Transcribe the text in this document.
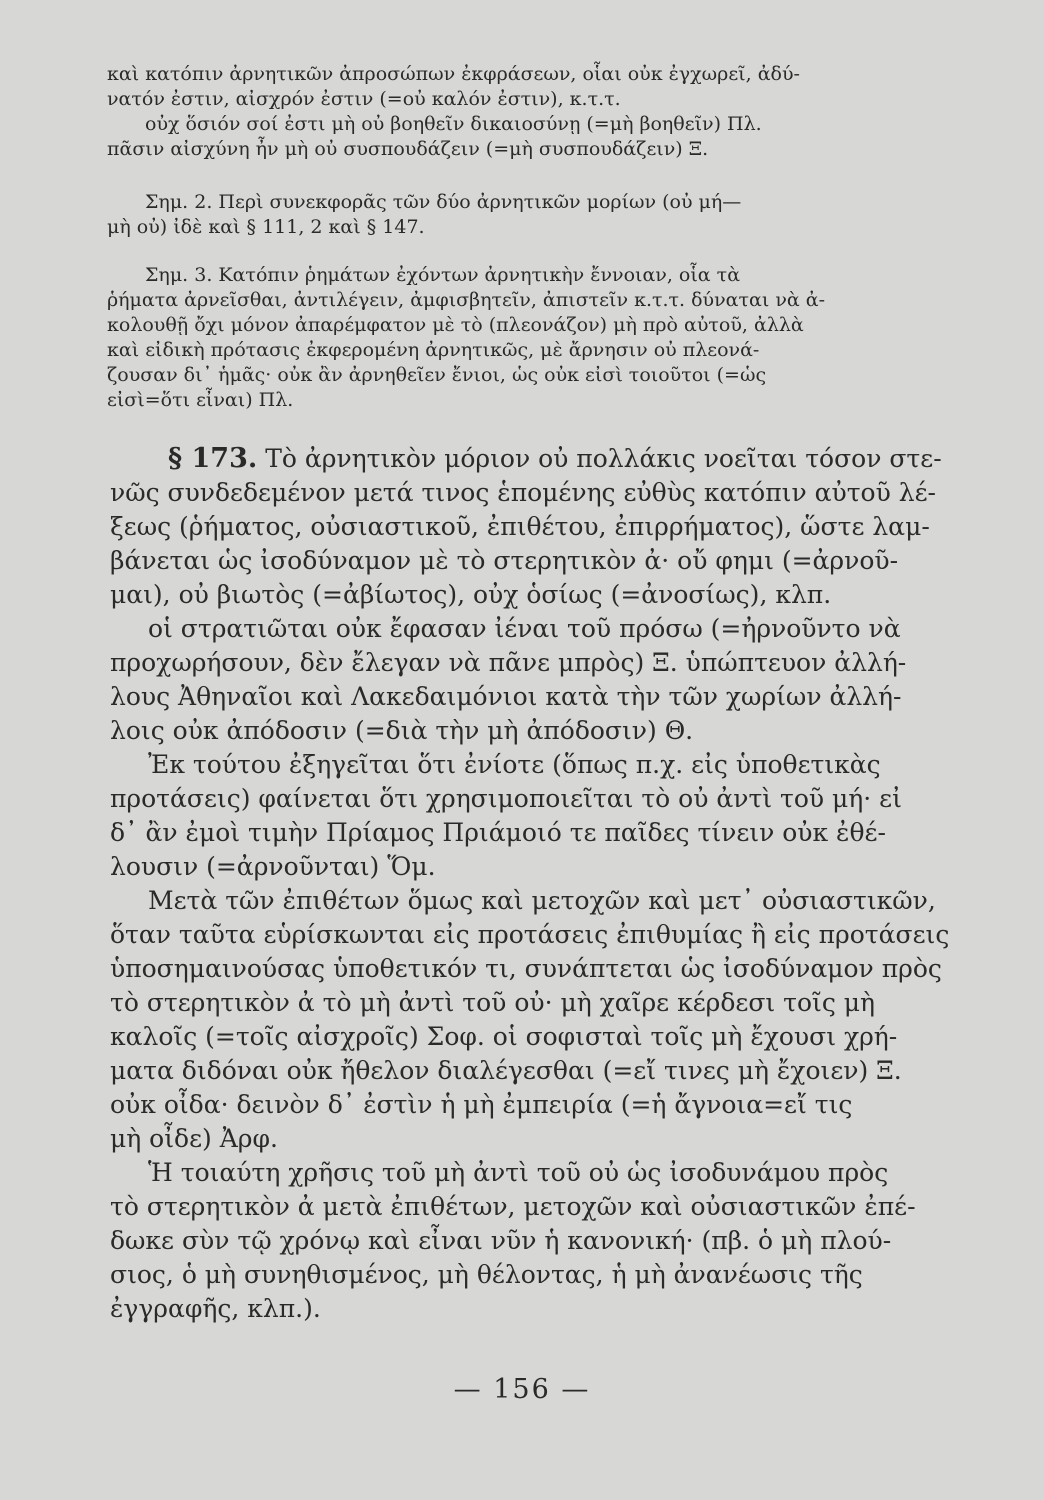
καὶ κατόπιν ἀρνητικῶν ἀπροσώπων ἐκφράσεων, οἷαι οὐκ ἐγχωρεῖ, ἀδύ-

νατόν ἐστιν, αἰσχρόν ἐστιν (=οὐ καλόν ἐστιν), κ.τ.τ.

οὐχ ὅσιόν σοί ἐστι μὴ οὐ βοηθεῖν δικαιοσύνῃ (=μὴ βοηθεῖν) Πλ.

πᾶσιν αἰσχύνη ἦν μὴ οὐ συσπουδάζειν (=μὴ συσπουδάζειν) Ξ.

Σημ. 2. Περὶ συνεκφορᾶς τῶν δύο ἀρνητικῶν μορίων (οὐ μή—

μὴ οὐ) ἰδὲ καὶ § 111, 2 καὶ § 147.

Σημ. 3. Κατόπιν ῥημάτων ἐχόντων ἀρνητικὴν ἔννοιαν, οἷα τὰ

ῥήματα ἀρνεῖσθαι, ἀντιλέγειν, ἀμφισβητεῖν, ἀπιστεῖν κ.τ.τ. δύναται νὰ ἀ-

κολουθῇ ὄχι μόνον ἀπαρέμφατον μὲ τὸ (πλεονάζον) μὴ πρὸ αὐτοῦ, ἀλλὰ

καὶ εἰδικὴ πρότασις ἐκφερομένη ἀρνητικῶς, μὲ ἄρνησιν οὐ πλεονά-

ζουσαν δι᾽ ἡμᾶς· οὐκ ἂν ἀρνηθεῖεν ἔνιοι, ὡς οὐκ εἰσὶ τοιοῦτοι (=ὡς

εἰσὶ=ὅτι εἶναι) Πλ.

§ 173. Τὸ ἀρνητικὸν μόριον οὐ πολλάκις νοεῖται τόσον στε-

νῶς συνδεδεμένον μετά τινος ἑπομένης εὐθὺς κατόπιν αὐτοῦ λέ-

ξεως (ῥήματος, οὐσιαστικοῦ, ἐπιθέτου, ἐπιρρήματος), ὥστε λαμ-

βάνεται ὡς ἰσοδύναμον μὲ τὸ στερητικὸν ἀ· οὔ φημι (=ἀρνοῦ-

μαι), οὐ βιωτὸς (=ἀβίωτος), οὐχ ὁσίως (=ἀνοσίως), κλπ.

οἱ στρατιῶται οὐκ ἔφασαν ἰέναι τοῦ πρόσω (=ἠρνοῦντο νὰ

προχωρήσουν, δὲν ἔλεγαν νὰ πᾶνε μπρὸς) Ξ. ὑπώπτευον ἀλλή-

λους Ἀθηναῖοι καὶ Λακεδαιμόνιοι κατὰ τὴν τῶν χωρίων ἀλλή-

λοις οὐκ ἀπόδοσιν (=διὰ τὴν μὴ ἀπόδοσιν) Θ.

Ἐκ τούτου ἐξηγεῖται ὅτι ἐνίοτε (ὅπως π.χ. εἰς ὑποθετικὰς

προτάσεις) φαίνεται ὅτι χρησιμοποιεῖται τὸ οὐ ἀντὶ τοῦ μή· εἰ

δ᾽ ἂν ἐμοὶ τιμὴν Πρίαμος Πριάμοιό τε παῖδες τίνειν οὐκ ἐθέ-

λουσιν (=ἀρνοῦνται) Ὅμ.

Μετὰ τῶν ἐπιθέτων ὅμως καὶ μετοχῶν καὶ μετ᾽ οὐσιαστικῶν,

ὅταν ταῦτα εὑρίσκωνται εἰς προτάσεις ἐπιθυμίας ἢ εἰς προτάσεις

ὑποσημαινούσας ὑποθετικόν τι, συνάπτεται ὡς ἰσοδύναμον πρὸς

τὸ στερητικὸν ἀ τὸ μὴ ἀντὶ τοῦ οὐ· μὴ χαῖρε κέρδεσι τοῖς μὴ

καλοῖς (=τοῖς αἰσχροῖς) Σοφ. οἱ σοφισταὶ τοῖς μὴ ἔχουσι χρή-

ματα διδόναι οὐκ ἤθελον διαλέγεσθαι (=εἴ τινες μὴ ἔχοιεν) Ξ.

οὐκ οἶδα· δεινὸν δ᾽ ἐστὶν ἡ μὴ ἐμπειρία (=ἡ ἄγνοια=εἴ τις

μὴ οἶδε) Ἀρφ.

Ἡ τοιαύτη χρῆσις τοῦ μὴ ἀντὶ τοῦ οὐ ὡς ἰσοδυνάμου πρὸς

τὸ στερητικὸν ἀ μετὰ ἐπιθέτων, μετοχῶν καὶ οὐσιαστικῶν ἐπέ-

δωκε σὺν τῷ χρόνῳ καὶ εἶναι νῦν ἡ κανονική· (πβ. ὁ μὴ πλού-

σιος, ὁ μὴ συνηθισμένος, μὴ θέλοντας, ἡ μὴ ἀνανέωσις τῆς

ἐγγραφῆς, κλπ.).

— 156 —
